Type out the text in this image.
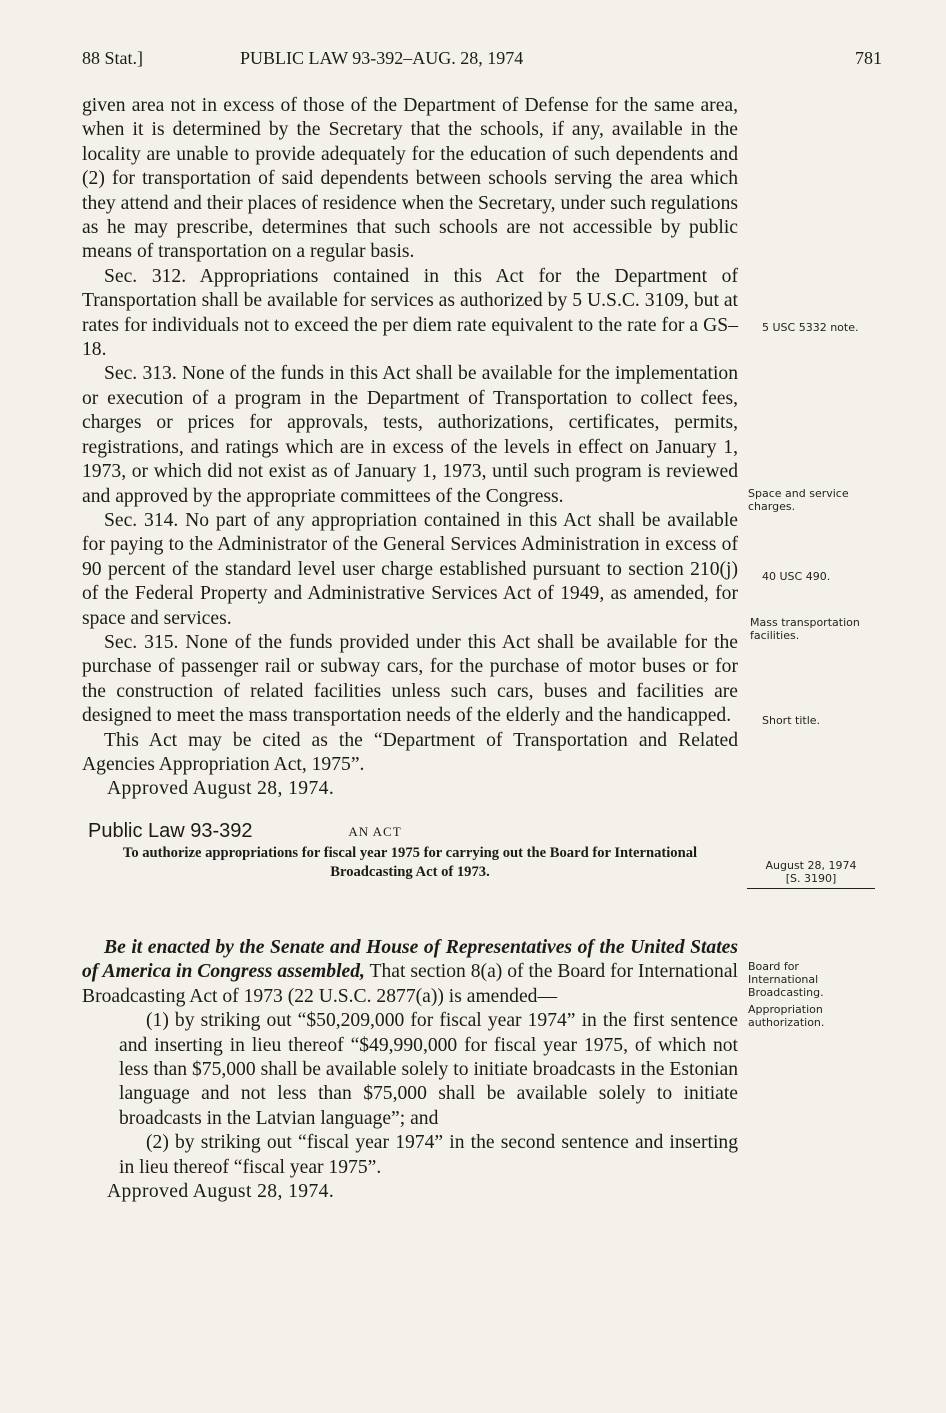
88 Stat.]	PUBLIC LAW 93-392–AUG. 28, 1974	781

given area not in excess of those of the Department of Defense for the same area, when it is determined by the Secretary that the schools, if any, available in the locality are unable to provide adequately for the education of such dependents and (2) for transportation of said dependents between schools serving the area which they attend and their places of residence when the Secretary, under such regulations as he may prescribe, determines that such schools are not accessible by public means of transportation on a regular basis.

Sec. 312. Appropriations contained in this Act for the Department of Transportation shall be available for services as authorized by 5 U.S.C. 3109, but at rates for individuals not to exceed the per diem rate equivalent to the rate for a GS–18.

Sec. 313. None of the funds in this Act shall be available for the implementation or execution of a program in the Department of Transportation to collect fees, charges or prices for approvals, tests, authorizations, certificates, permits, registrations, and ratings which are in excess of the levels in effect on January 1, 1973, or which did not exist as of January 1, 1973, until such program is reviewed and approved by the appropriate committees of the Congress.

Sec. 314. No part of any appropriation contained in this Act shall be available for paying to the Administrator of the General Services Administration in excess of 90 percent of the standard level user charge established pursuant to section 210(j) of the Federal Property and Administrative Services Act of 1949, as amended, for space and services.

Sec. 315. None of the funds provided under this Act shall be available for the purchase of passenger rail or subway cars, for the purchase of motor buses or for the construction of related facilities unless such cars, buses and facilities are designed to meet the mass transportation needs of the elderly and the handicapped.

This Act may be cited as the “Department of Transportation and Related Agencies Appropriation Act, 1975”.

Approved August 28, 1974.

Public Law 93-392	AN ACT
To authorize appropriations for fiscal year 1975 for carrying out the Board for International Broadcasting Act of 1973.

Be it enacted by the Senate and House of Representatives of the United States of America in Congress assembled, That section 8(a) of the Board for International Broadcasting Act of 1973 (22 U.S.C. 2877(a)) is amended—

(1) by striking out “$50,209,000 for fiscal year 1974” in the first sentence and inserting in lieu thereof “$49,990,000 for fiscal year 1975, of which not less than $75,000 shall be available solely to initiate broadcasts in the Estonian language and not less than $75,000 shall be available solely to initiate broadcasts in the Latvian language”; and

(2) by striking out “fiscal year 1974” in the second sentence and inserting in lieu thereof “fiscal year 1975”.

Approved August 28, 1974.

5 USC 5332 note.
Space and service charges.
40 USC 490.
Mass transportation facilities.
Short title.
August 28, 1974
[S. 3190]
Board for International Broadcasting.
Appropriation authorization.
